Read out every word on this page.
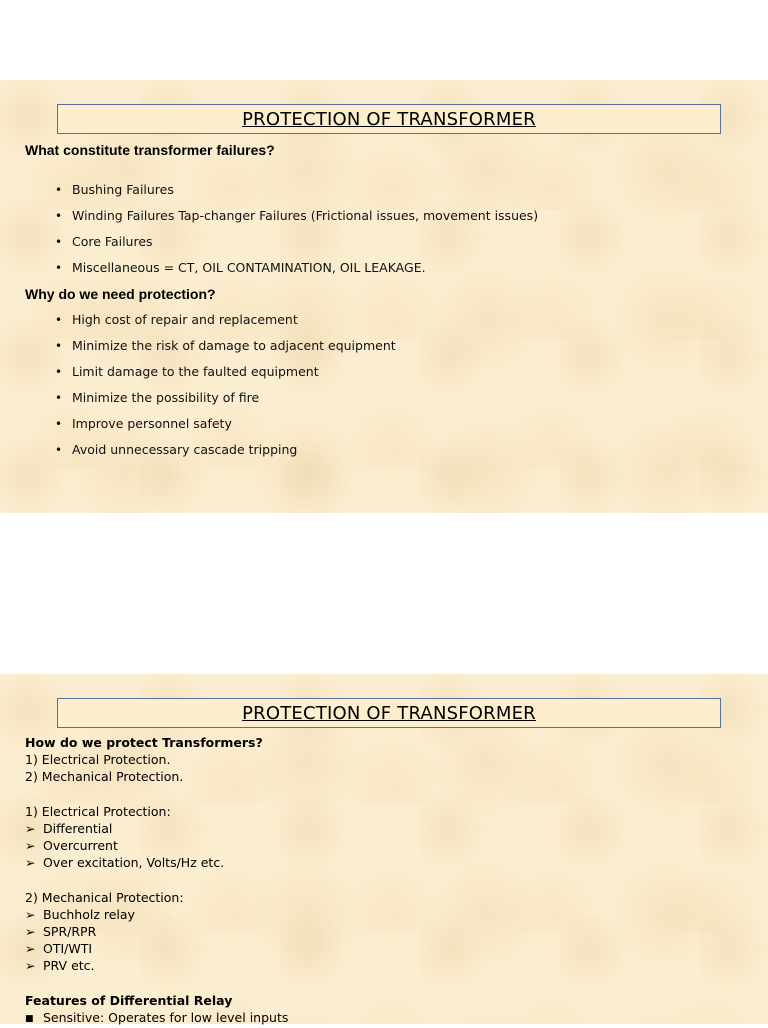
PROTECTION OF TRANSFORMER
What constitute transformer failures?
• Bushing Failures
• Winding Failures Tap-changer Failures (Frictional issues, movement issues)
• Core Failures
• Miscellaneous = CT, OIL CONTAMINATION, OIL LEAKAGE.
Why do we need protection?
• High cost of repair and replacement
• Minimize the risk of damage to adjacent equipment
• Limit damage to the faulted equipment
• Minimize the possibility of fire
• Improve personnel safety
• Avoid unnecessary cascade tripping
PROTECTION OF TRANSFORMER
How do we protect Transformers?
1) Electrical Protection.
2) Mechanical Protection.
1) Electrical Protection:
➢ Differential
➢ Overcurrent
➢ Over excitation, Volts/Hz etc.
2) Mechanical Protection:
➢ Buchholz relay
➢ SPR/RPR
➢ OTI/WTI
➢ PRV etc.
Features of Differential Relay
■ Sensitive: Operates for low level inputs
